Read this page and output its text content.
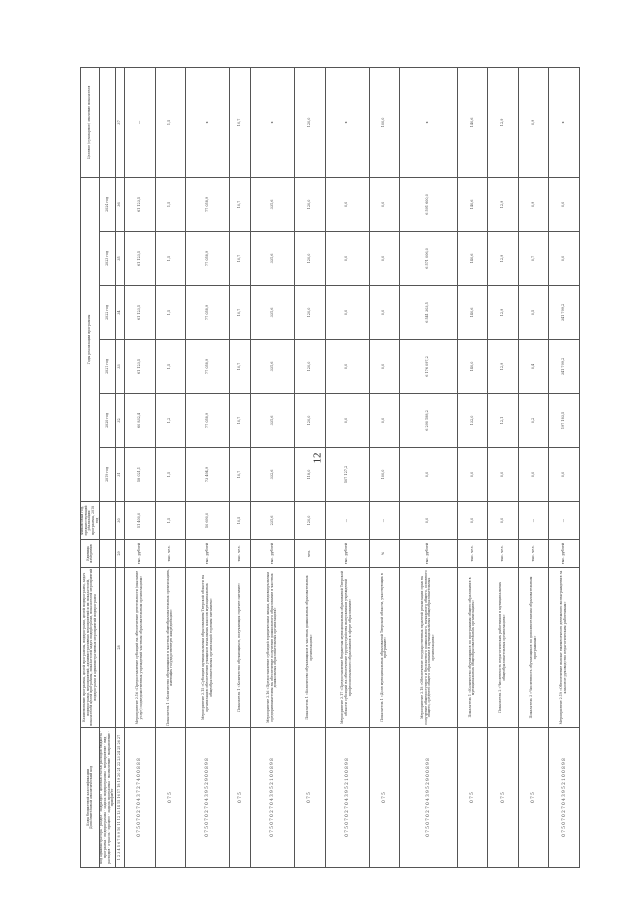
12
Коды бюджетной классификации Дополнительный аналитический код	Наименование программы, целей программы, подпрограмм, целей подпрограмм, задач подпрограмм, мероприятий, административных мероприятий и их показателей, показателей целей программы, показателей задач подпрограмм, показателей мероприятий подпрограмм и административных мероприятий подпрограмм	Единица измерения	Финансовый год, предшествующий реализации программы, 2018 год	Годы реализации программы						Целевое (суммарное) значение показателя
код администратора · раздел · подраздел · целевая статья расходов бюджета · программа · подпрограмма · задача подпрограммы · мероприятие · вид расходов · отрасль · процесс · задача программы · назначение · направление · приоритет				2019 год	2020 год	2021 год	2022 год	2023 год	2024 год	
1 2 3 4 5 6 7 8 9 10 11 12 13 14 15 16 17 18 19 20 21 22 23 24 25 26 27	28	29	30	31	32	33	34	35	36	37
0 7 5 0 7 0 2 7 0 4 3 7 2 7 4 0 0 8 8 8	Мероприятие 2.16 «Предоставление субсидий на обеспечение деятельности (оказание услуг) подведомственных учреждений частным образовательным организациям»	тыс. рублей	51 400,0	58 021,1	60 832,4	61 123,5	61 123,5	61 123,5	61 123,5	—
0 7 5	Показатель 1 «Количество обучающихся в частных общеобразовательных организациях, имеющих государственную аккредитацию»	тыс. чел.	1,5	1,5	1,2	1,5	1,5	1,5	1,5	1,5
0 7 5 0 7 0 2 7 0 4 3 9 5 2 9 0 0 8 9 8	Мероприятие 2.15 «Субсидия муниципальным образованиям Тверской области на организацию обеспечения учащихся начальных классов муниципальных общеобразовательных организаций горячим питанием»	тыс. рублей	50 690,0	73 494,9	77 058,9	77 058,9	77 058,9	77 058,9	77 058,9	x
0 7 5	Показатель 1 «Количество обучающихся, получающих горячее питание»	тыс. чел.	10,5	10,7	10,7	10,7	10,7	10,7	10,7	10,7
0 7 5 0 7 0 2 7 0 4 3 9 5 2 1 0 0 8 9 8	Мероприятие 2.16 «Предоставление субсидий юридическим лицам, индивидуальным предпринимателям на обеспечение получения дошкольного образования в частных дошкольных образовательных организациях»	тыс. рублей	231,6	332,6	331,6	331,6	331,6	331,6	331,6	x
0 7 5	Показатель 1 «Количество обучающихся в частных дошкольных образовательных организациях»	чел.	120,0	118,0	120,0	120,0	120,0	120,0	120,0	120,0
0 7 5 0 7 0 2 7 0 4 3 9 5 2 1 0 0 8 9 8	Мероприятие 2.17 «Предоставление бюджетам муниципальных образований Тверской области субсидий на обеспечение трудоустройства выпускников учреждений профессионального образования в сфере образования»	тыс. рублей	—	507 127,2	0,0	0,0	0,0	0,0	0,0	x
0 7 5	Показатель 1 «Доля муниципальных образований Тверской области, участвующих в программе»	%	—	100,0	0,0	0,0	0,0	0,0	0,0	100,0
0 7 5 0 7 0 2 7 0 4 3 9 5 2 9 0 0 8 9 8	Мероприятие 2.18 «Обеспечение государственных гарантий реализации прав на получение общедоступного и бесплатного дошкольного, начального общего, основного общего, среднего общего образования в муниципальных общеобразовательных организациях»	тыс. рублей	0,0	0,0	6 290 188,2	6 176 097,2	6 541 303,5	6 571 006,0	6 591 600,0	x
0 7 5	Показатель 1 «Количество обучающихся по программам общего образования в муниципальных общеобразовательных организациях»	тыс. чел.	0,0	0,0	132,0	140,0	140,6	140,6	140,6	140,6
0 7 5	Показатель 2 «Численность педагогических работников в муниципальных общеобразовательных организациях»	тыс. чел.	0,0	0,0	12,1	12,9	12,9	12,9	12,9	12,9
0 7 5	Показатель 3 «Численность обучающихся по дополнительным образовательным программам»	тыс. чел.	—	0,0	0,2	0,4	0,5	0,7	0,9	0,9
0 7 5 0 7 0 2 7 0 4 3 9 5 2 1 0 0 8 9 8	Мероприятие 2.19 «Обеспечение выплат ежемесячного денежного вознаграждения за классное руководство педагогическим работникам»	тыс. рублей	—	0,0	197 183,5	341 799,2	341 799,2	0,0	0,0	x
